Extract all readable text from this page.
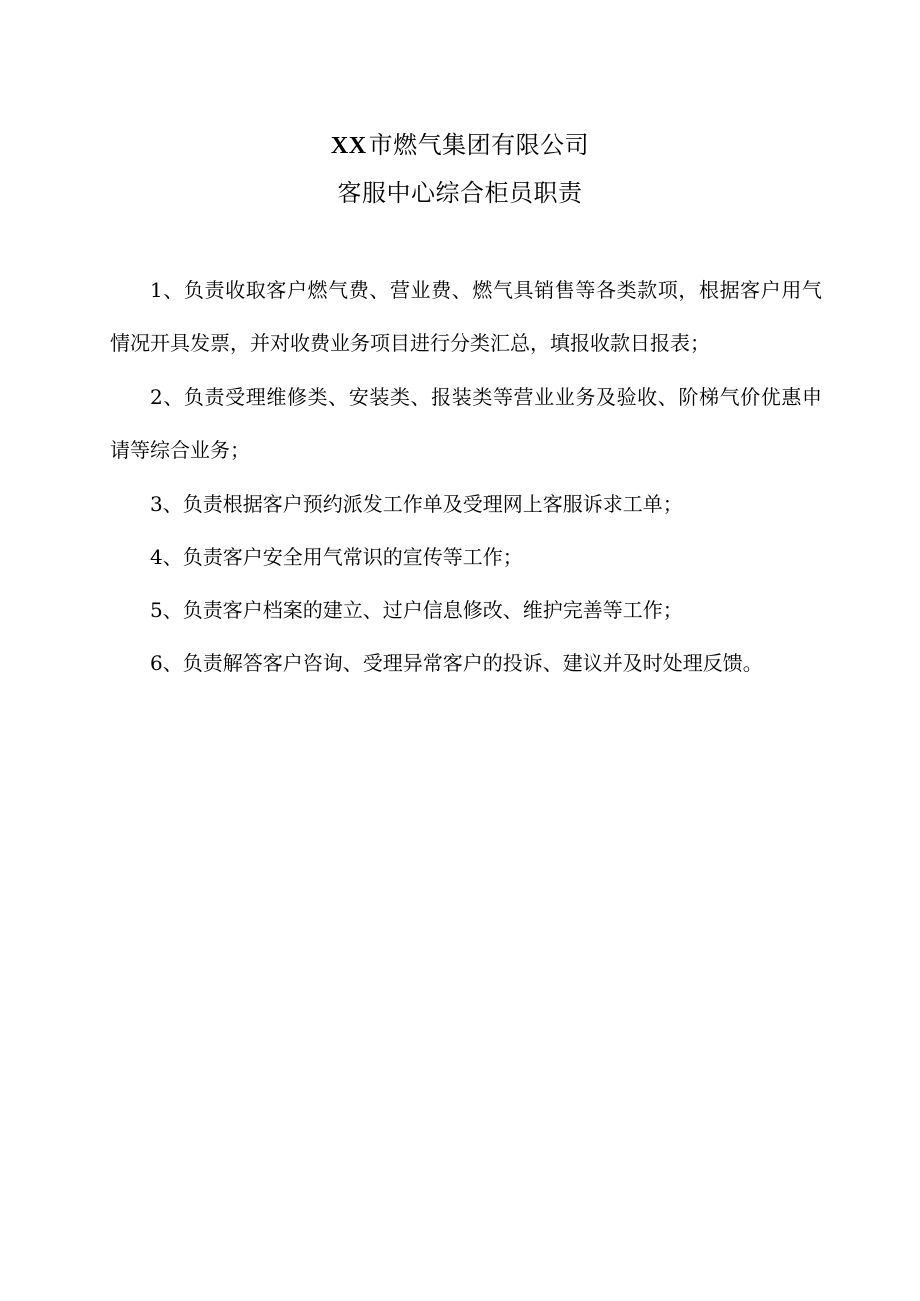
XX市燃气集团有限公司
客服中心综合柜员职责

1、负责收取客户燃气费、营业费、燃气具销售等各类款项，根据客户用气情况开具发票，并对收费业务项目进行分类汇总，填报收款日报表；

2、负责受理维修类、安装类、报装类等营业业务及验收、阶梯气价优惠申请等综合业务；

3、负责根据客户预约派发工作单及受理网上客服诉求工单；

4、负责客户安全用气常识的宣传等工作；

5、负责客户档案的建立、过户信息修改、维护完善等工作；

6、负责解答客户咨询、受理异常客户的投诉、建议并及时处理反馈。
